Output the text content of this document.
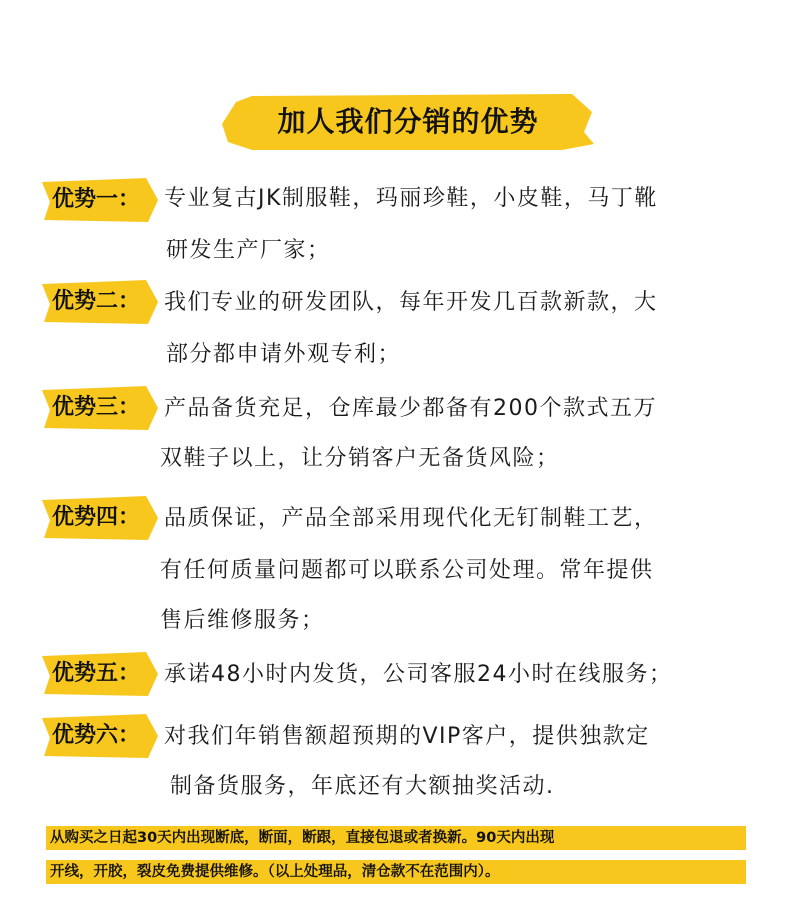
加人我们分销的优势
优势一： 专业复古JK制服鞋，玛丽珍鞋，小皮鞋，马丁靴
研发生产厂家；
优势二： 我们专业的研发团队，每年开发几百款新款，大
部分都申请外观专利；
优势三： 产品备货充足，仓库最少都备有200个款式五万
双鞋子以上，让分销客户无备货风险；
优势四： 品质保证，产品全部采用现代化无钉制鞋工艺，
有任何质量问题都可以联系公司处理。常年提供
售后维修服务；
优势五： 承诺48小时内发货，公司客服24小时在线服务；
优势六： 对我们年销售额超预期的VIP客户，提供独款定
制备货服务，年底还有大额抽奖活动.
从购买之日起30天内出现断底，断面，断跟，直接包退或者换新。90天内出现
开线，开胶，裂皮免费提供维修。（以上处理品，清仓款不在范围内）。
